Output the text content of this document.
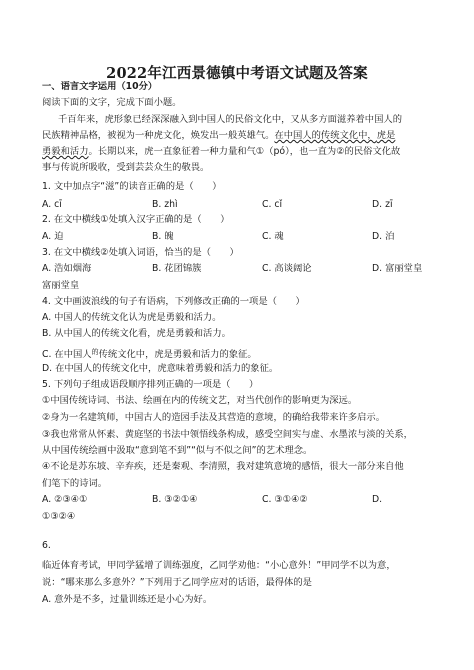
2022年江西景德镇中考语文试题及答案
一、语言文字运用（10分）
阅读下面的文字，完成下面小题。
千百年来，虎形象已经深深融入到中国人的民俗文化中，又从多方面滋养着中国人的
民族精神品格，被视为一种虎文化，焕发出一般英雄气。在中国人的传统文化中，虎是
勇毅和活力。长期以来，虎一直象征着一种力量和气①（pó），也一直为②的民俗文化故
事与传说所吸收，受到芸芸众生的敬畏。
1. 文中加点字“滋”的读音正确的是（　　）
A. cī	B. zhì	C. cǐ	D. zī
2. 在文中横线①处填入汉字正确的是（　　）
A. 迫	B. 魄	C. 魂	D. 泊
3. 在文中横线②处填入词语，恰当的是（　　）
A. 浩如烟海	B. 花团锦簇	C. 高谈阔论	D. 富丽堂皇
富丽堂皇
4. 文中画波浪线的句子有语病，下列修改正确的一项是（　　）
A. 中国人的传统文化认为虎是勇毅和活力。
B. 从中国人的传统文化看，虎是勇毅和活力。
C. 在中国人$^的$传统文化中，虎是勇毅和活力的象征。
D. 在中国人的传统文化中，虎意味着勇毅和活力的象征。
5. 下列句子组成语段顺序排列正确的一项是（　　）
①中国传统诗词、书法、绘画在内的传统文艺，对当代创作的影响更为深远。
②身为一名建筑师，中国古人的造园手法及其营造的意境，的确给我带来许多启示。
③我也常常从怀素、黄庭坚的书法中领悟线条构成，感受空间实与虚、水墨浓与淡的关系，
从中国传统绘画中汲取“意到笔不到”“似与不似之间”的艺术理念。
④不论是苏东坡、辛弃疾，还是秦观、李清照，我对建筑意境的感悟，很大一部分来自他
们笔下的诗词。
A. ②③④①	B. ③②①④	C. ③①④②	D.
①③②④
6.
临近体育考试，甲同学猛增了训练强度，乙同学劝他：“小心意外！”甲同学不以为意，
说：“哪来那么多意外？”下列用于乙同学应对的话语，最得体的是
A. 意外是不多，过量训练还是小心为好。
